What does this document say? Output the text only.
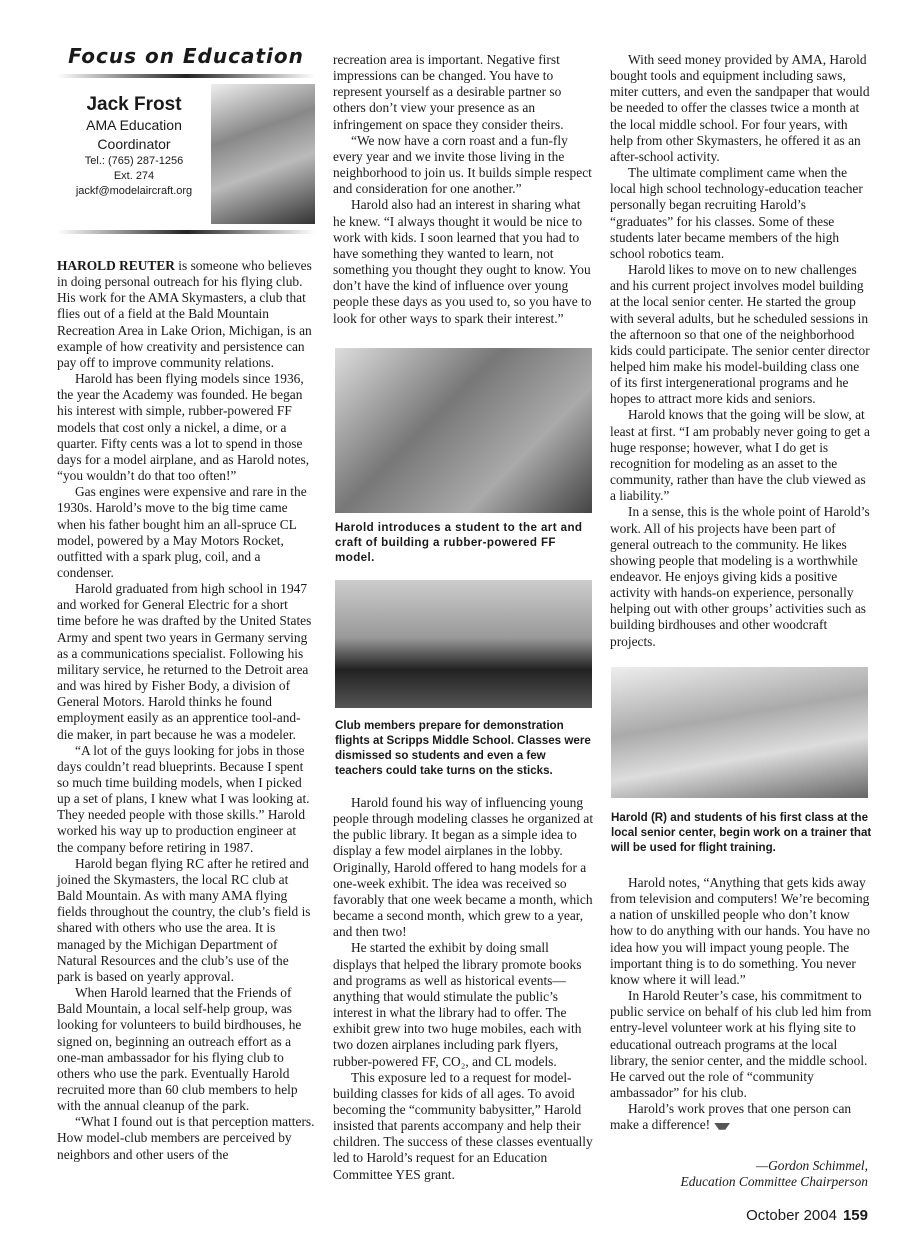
Focus on Education
Jack Frost
AMA Education Coordinator
Tel.: (765) 287-1256
Ext. 274
jackf@modelaircraft.org

HAROLD REUTER is someone who believes in doing personal outreach for his flying club. His work for the AMA Skymasters, a club that flies out of a field at the Bald Mountain Recreation Area in Lake Orion, Michigan, is an example of how creativity and persistence can pay off to improve community relations.

Harold has been flying models since 1936, the year the Academy was founded. He began his interest with simple, rubber-powered FF models that cost only a nickel, a dime, or a quarter. Fifty cents was a lot to spend in those days for a model airplane, and as Harold notes, “you wouldn’t do that too often!”

Gas engines were expensive and rare in the 1930s. Harold’s move to the big time came when his father bought him an all-spruce CL model, powered by a May Motors Rocket, outfitted with a spark plug, coil, and a condenser.

Harold graduated from high school in 1947 and worked for General Electric for a short time before he was drafted by the United States Army and spent two years in Germany serving as a communications specialist. Following his military service, he returned to the Detroit area and was hired by Fisher Body, a division of General Motors. Harold thinks he found employment easily as an apprentice tool-and-die maker, in part because he was a modeler.

“A lot of the guys looking for jobs in those days couldn’t read blueprints. Because I spent so much time building models, when I picked up a set of plans, I knew what I was looking at. They needed people with those skills.” Harold worked his way up to production engineer at the company before retiring in 1987.

Harold began flying RC after he retired and joined the Skymasters, the local RC club at Bald Mountain. As with many AMA flying fields throughout the country, the club’s field is shared with others who use the area. It is managed by the Michigan Department of Natural Resources and the club’s use of the park is based on yearly approval.

When Harold learned that the Friends of Bald Mountain, a local self-help group, was looking for volunteers to build birdhouses, he signed on, beginning an outreach effort as a one-man ambassador for his flying club to others who use the park. Eventually Harold recruited more than 60 club members to help with the annual cleanup of the park.

“What I found out is that perception matters. How model-club members are perceived by neighbors and other users of the

recreation area is important. Negative first impressions can be changed. You have to represent yourself as a desirable partner so others don’t view your presence as an infringement on space they consider theirs.

“We now have a corn roast and a fun-fly every year and we invite those living in the neighborhood to join us. It builds simple respect and consideration for one another.”

Harold also had an interest in sharing what he knew. “I always thought it would be nice to work with kids. I soon learned that you had to have something they wanted to learn, not something you thought they ought to know. You don’t have the kind of influence over young people these days as you used to, so you have to look for other ways to spark their interest.”

Harold introduces a student to the art and craft of building a rubber-powered FF model.
Club members prepare for demonstration flights at Scripps Middle School. Classes were dismissed so students and even a few teachers could take turns on the sticks.

Harold found his way of influencing young people through modeling classes he organized at the public library. It began as a simple idea to display a few model airplanes in the lobby. Originally, Harold offered to hang models for a one-week exhibit. The idea was received so favorably that one week became a month, which became a second month, which grew to a year, and then two!

He started the exhibit by doing small displays that helped the library promote books and programs as well as historical events—anything that would stimulate the public’s interest in what the library had to offer. The exhibit grew into two huge mobiles, each with two dozen airplanes including park flyers, rubber-powered FF, CO₂, and CL models.

This exposure led to a request for model-building classes for kids of all ages. To avoid becoming the “community babysitter,” Harold insisted that parents accompany and help their children. The success of these classes eventually led to Harold’s request for an Education Committee YES grant.

With seed money provided by AMA, Harold bought tools and equipment including saws, miter cutters, and even the sandpaper that would be needed to offer the classes twice a month at the local middle school. For four years, with help from other Skymasters, he offered it as an after-school activity.

The ultimate compliment came when the local high school technology-education teacher personally began recruiting Harold’s “graduates” for his classes. Some of these students later became members of the high school robotics team.

Harold likes to move on to new challenges and his current project involves model building at the local senior center. He started the group with several adults, but he scheduled sessions in the afternoon so that one of the neighborhood kids could participate. The senior center director helped him make his model-building class one of its first intergenerational programs and he hopes to attract more kids and seniors.

Harold knows that the going will be slow, at least at first. “I am probably never going to get a huge response; however, what I do get is recognition for modeling as an asset to the community, rather than have the club viewed as a liability.”

In a sense, this is the whole point of Harold’s work. All of his projects have been part of general outreach to the community. He likes showing people that modeling is a worthwhile endeavor. He enjoys giving kids a positive activity with hands-on experience, personally helping out with other groups’ activities such as building birdhouses and other woodcraft projects.

Harold (R) and students of his first class at the local senior center, begin work on a trainer that will be used for flight training.

Harold notes, “Anything that gets kids away from television and computers! We’re becoming a nation of unskilled people who don’t know how to do anything with our hands. You have no idea how you will impact young people. The important thing is to do something. You never know where it will lead.”

In Harold Reuter’s case, his commitment to public service on behalf of his club led him from entry-level volunteer work at his flying site to educational outreach programs at the local library, the senior center, and the middle school. He carved out the role of “community ambassador” for his club.

Harold’s work proves that one person can make a difference!

—Gordon Schimmel,
Education Committee Chairperson
October 2004 159
